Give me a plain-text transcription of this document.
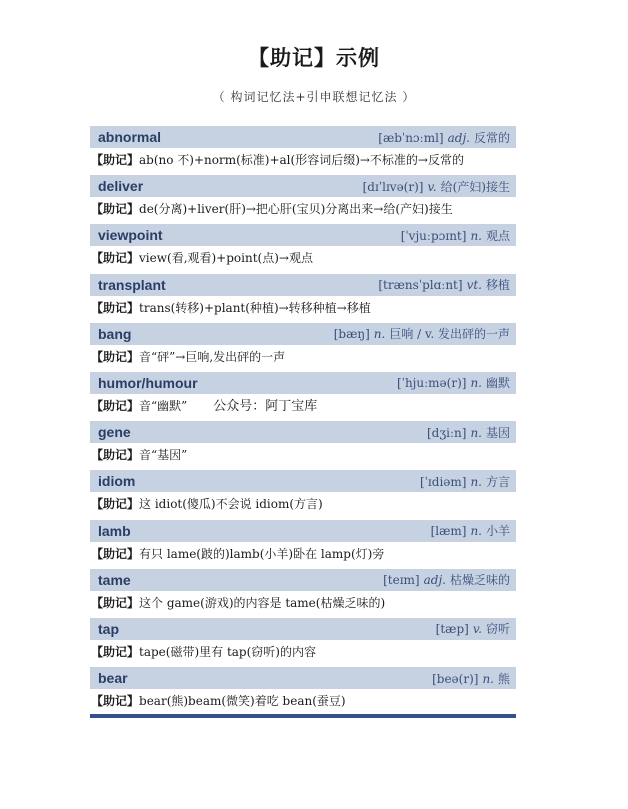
【助记】示例
（ 构词记忆法+引申联想记忆法 ）
abnormal	[æbˈnɔːml] adj. 反常的
【助记】ab(no 不)+norm(标准)+al(形容词后缀)→不标准的→反常的
deliver	[dɪˈlɪvə(r)] v. 给(产妇)接生
【助记】de(分离)+liver(肝)→把心肝(宝贝)分离出来→给(产妇)接生
viewpoint	[ˈvjuːpɔɪnt] n. 观点
【助记】view(看,观看)+point(点)→观点
transplant	[trænsˈplɑːnt] vt. 移植
【助记】trans(转移)+plant(种植)→转移种植→移植
bang	[bæŋ] n. 巨响 / v. 发出砰的一声
【助记】音“砰”→巨响,发出砰的一声
humor/humour	[ˈhjuːmə(r)] n. 幽默
【助记】音“幽默” 公众号：阿丁宝库
gene	[dʒiːn] n. 基因
【助记】音“基因”
idiom	[ˈɪdiəm] n. 方言
【助记】这 idiot(傻瓜)不会说 idiom(方言)
lamb	[læm] n. 小羊
【助记】有只 lame(跛的)lamb(小羊)卧在 lamp(灯)旁
tame	[teɪm] adj. 枯燥乏味的
【助记】这个 game(游戏)的内容是 tame(枯燥乏味的)
tap	[tæp] v. 窃听
【助记】tape(磁带)里有 tap(窃听)的内容
bear	[beə(r)] n. 熊
【助记】bear(熊)beam(微笑)着吃 bean(蚕豆)
